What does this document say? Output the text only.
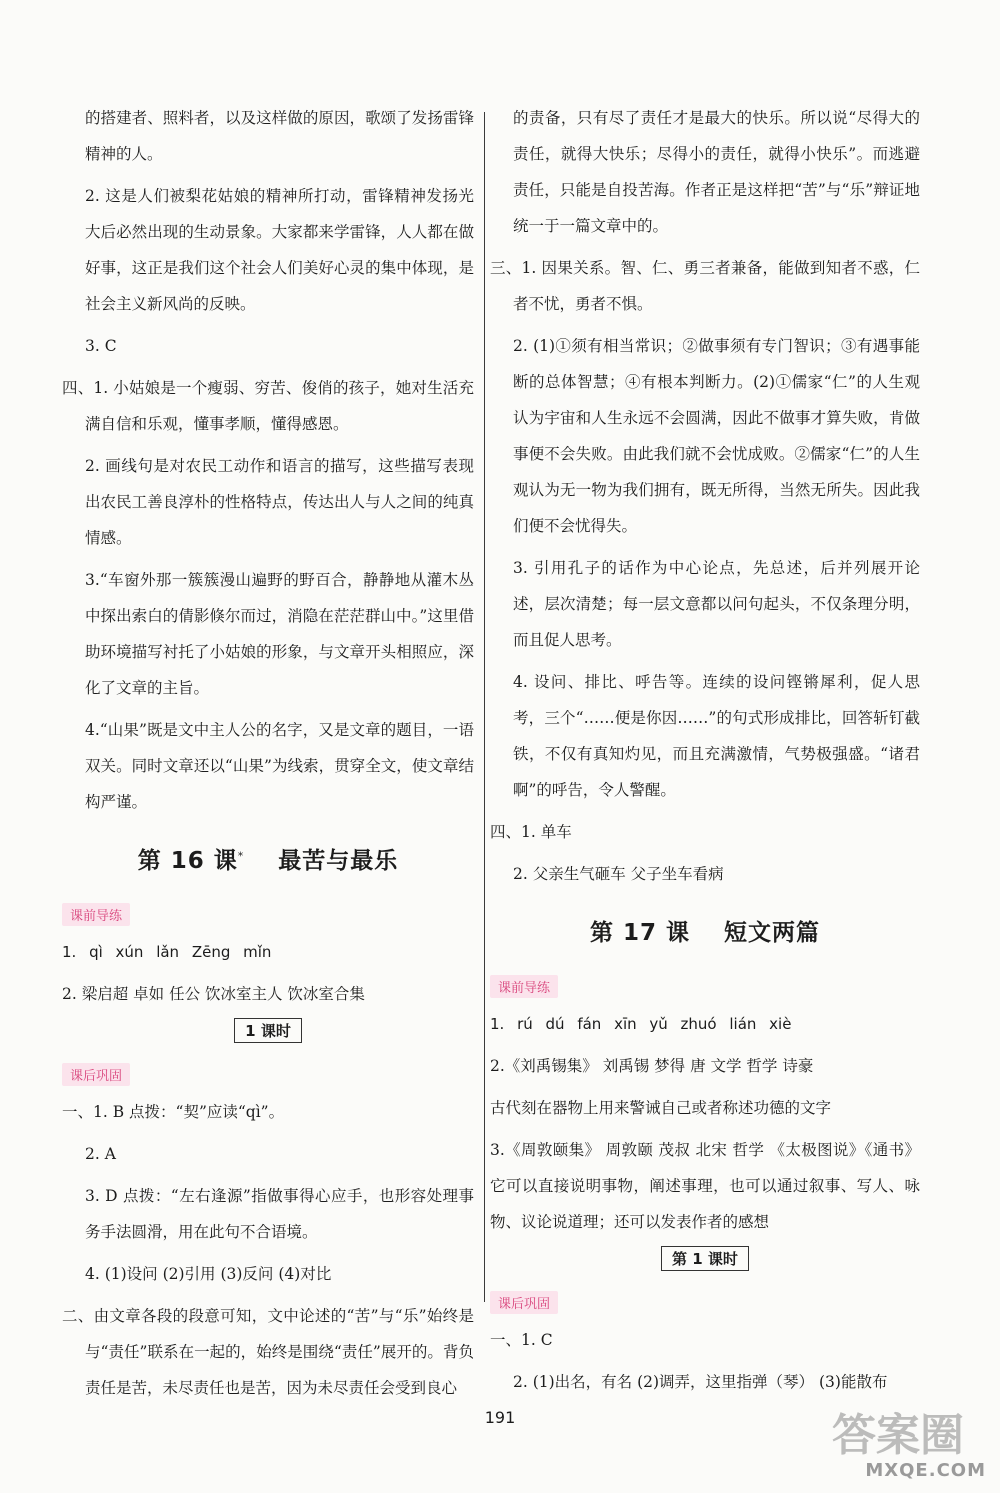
的搭建者、照料者，以及这样做的原因，歌颂了发扬雷锋精神的人。

2. 这是人们被梨花姑娘的精神所打动，雷锋精神发扬光大后必然出现的生动景象。大家都来学雷锋，人人都在做好事，这正是我们这个社会人们美好心灵的集中体现，是社会主义新风尚的反映。

3. C

四、1. 小姑娘是一个瘦弱、穷苦、俊俏的孩子，她对生活充满自信和乐观，懂事孝顺，懂得感恩。

2. 画线句是对农民工动作和语言的描写，这些描写表现出农民工善良淳朴的性格特点，传达出人与人之间的纯真情感。

3.“车窗外那一簇簇漫山遍野的野百合，静静地从灌木丛中探出索白的倩影倏尔而过，消隐在茫茫群山中。”这里借助环境描写衬托了小姑娘的形象，与文章开头相照应，深化了文章的主旨。

4.“山果”既是文中主人公的名字，又是文章的题目，一语双关。同时文章还以“山果”为线索，贯穿全文，使文章结构严谨。

第 16 课* 最苦与最乐
课前导练

1. qì xún lǎn Zēng mǐn

2. 梁启超 卓如 任公 饮冰室主人 饮冰室合集

1 课时
课后巩固

一、1. B 点拨：“契”应读“qì”。

2. A

3. D 点拨：“左右逢源”指做事得心应手，也形容处理事务手法圆滑，用在此句不合语境。

4. (1)设问 (2)引用 (3)反问 (4)对比

二、由文章各段的段意可知，文中论述的“苦”与“乐”始终是与“责任”联系在一起的，始终是围绕“责任”展开的。背负责任是苦，未尽责任也是苦，因为未尽责任会受到良心

的责备，只有尽了责任才是最大的快乐。所以说“尽得大的责任，就得大快乐；尽得小的责任，就得小快乐”。而逃避责任，只能是自投苦海。作者正是这样把“苦”与“乐”辩证地统一于一篇文章中的。

三、1. 因果关系。智、仁、勇三者兼备，能做到知者不惑，仁者不忧，勇者不惧。

2. (1)①须有相当常识；②做事须有专门智识；③有遇事能断的总体智慧；④有根本判断力。(2)①儒家“仁”的人生观认为宇宙和人生永远不会圆满，因此不做事才算失败，肯做事便不会失败。由此我们就不会忧成败。②儒家“仁”的人生观认为无一物为我们拥有，既无所得，当然无所失。因此我们便不会忧得失。

3. 引用孔子的话作为中心论点，先总述，后并列展开论述，层次清楚；每一层文意都以问句起头，不仅条理分明，而且促人思考。

4. 设问、排比、呼告等。连续的设问铿锵犀利，促人思考，三个“……便是你因……”的句式形成排比，回答斩钉截铁，不仅有真知灼见，而且充满激情，气势极强盛。“诸君啊”的呼告，令人警醒。

四、1. 单车

2. 父亲生气砸车 父子坐车看病

第 17 课 短文两篇
课前导练

1. rú dú fán xīn yǔ zhuó lián xiè

2.《刘禹锡集》 刘禹锡 梦得 唐 文学 哲学 诗豪

古代刻在器物上用来警诫自己或者称述功德的文字

3.《周敦颐集》 周敦颐 茂叔 北宋 哲学 《太极图说》《通书》 它可以直接说明事物，阐述事理，也可以通过叙事、写人、咏物、议论说道理；还可以发表作者的感想

第 1 课时
课后巩固

一、1. C

2. (1)出名，有名 (2)调弄，这里指弹（琴） (3)能散布

191	答案圈
MXQE.COM
